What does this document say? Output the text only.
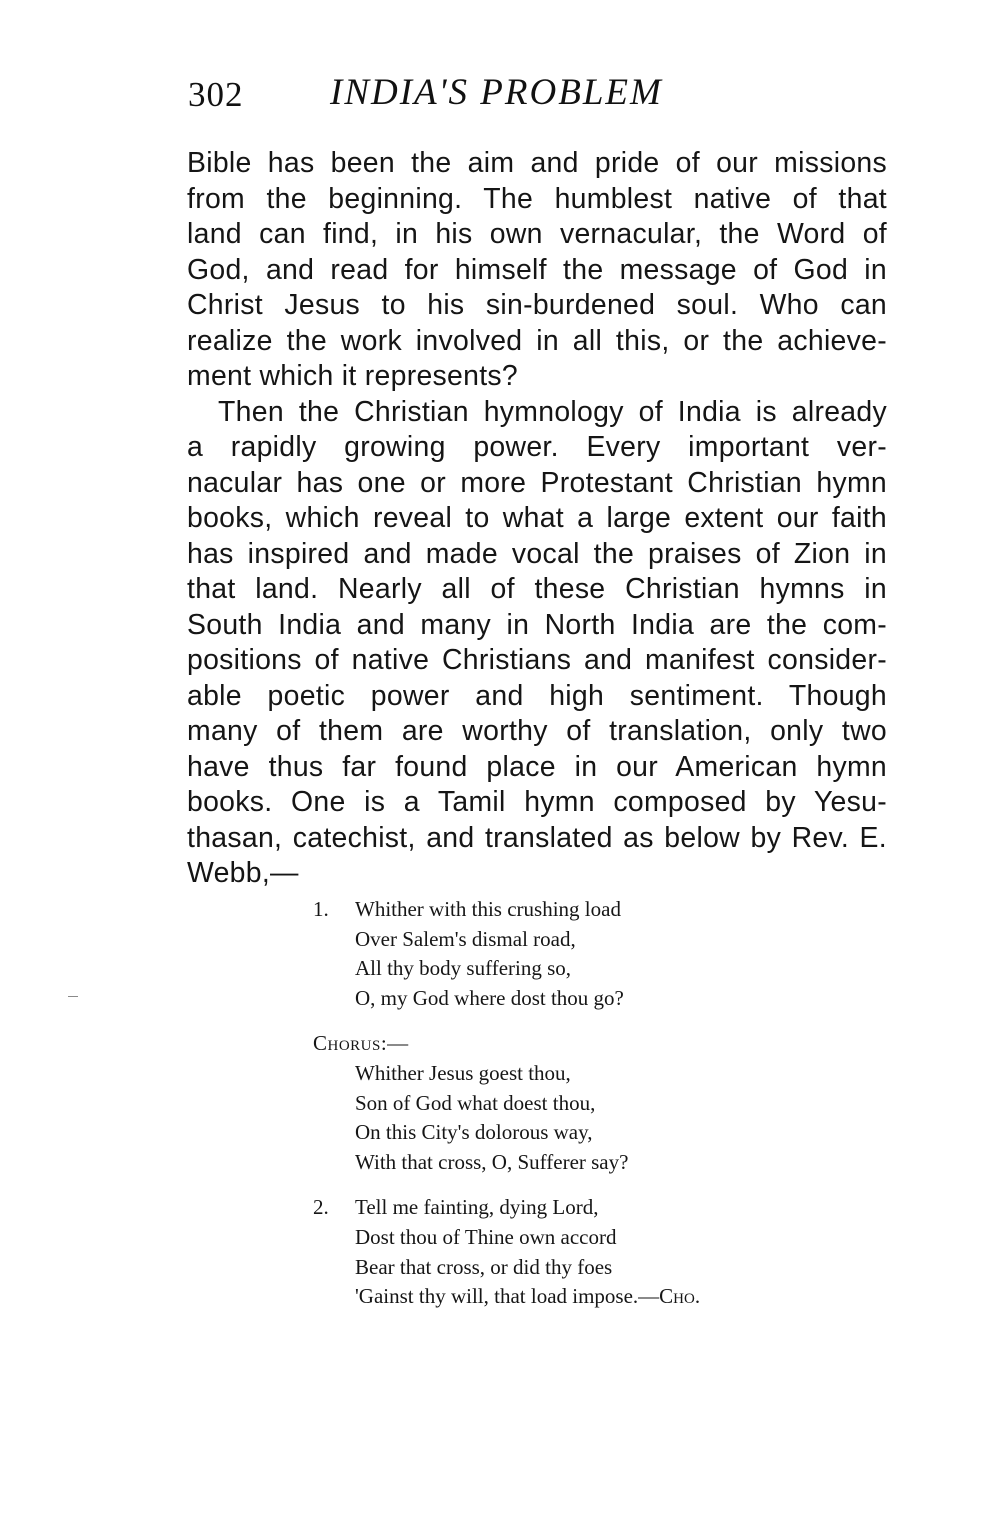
302 INDIA'S PROBLEM
Bible has been the aim and pride of our missions
from the beginning. The humblest native of that
land can find, in his own vernacular, the Word of
God, and read for himself the message of God in
Christ Jesus to his sin-burdened soul. Who can
realize the work involved in all this, or the achieve-
ment which it represents?
Then the Christian hymnology of India is already
a rapidly growing power. Every important ver-
nacular has one or more Protestant Christian hymn
books, which reveal to what a large extent our faith
has inspired and made vocal the praises of Zion in
that land. Nearly all of these Christian hymns in
South India and many in North India are the com-
positions of native Christians and manifest consider-
able poetic power and high sentiment. Though
many of them are worthy of translation, only two
have thus far found place in our American hymn
books. One is a Tamil hymn composed by Yesu-
thasan, catechist, and translated as below by Rev. E.
Webb,—
1.	Whither with this crushing load
Over Salem's dismal road,
All thy body suffering so,
O, my God where dost thou go?
Chorus:—
Whither Jesus goest thou,
Son of God what doest thou,
On this City's dolorous way,
With that cross, O, Sufferer say?
2.	Tell me fainting, dying Lord,
Dost thou of Thine own accord
Bear that cross, or did thy foes
'Gainst thy will, that load impose.—Cho.
